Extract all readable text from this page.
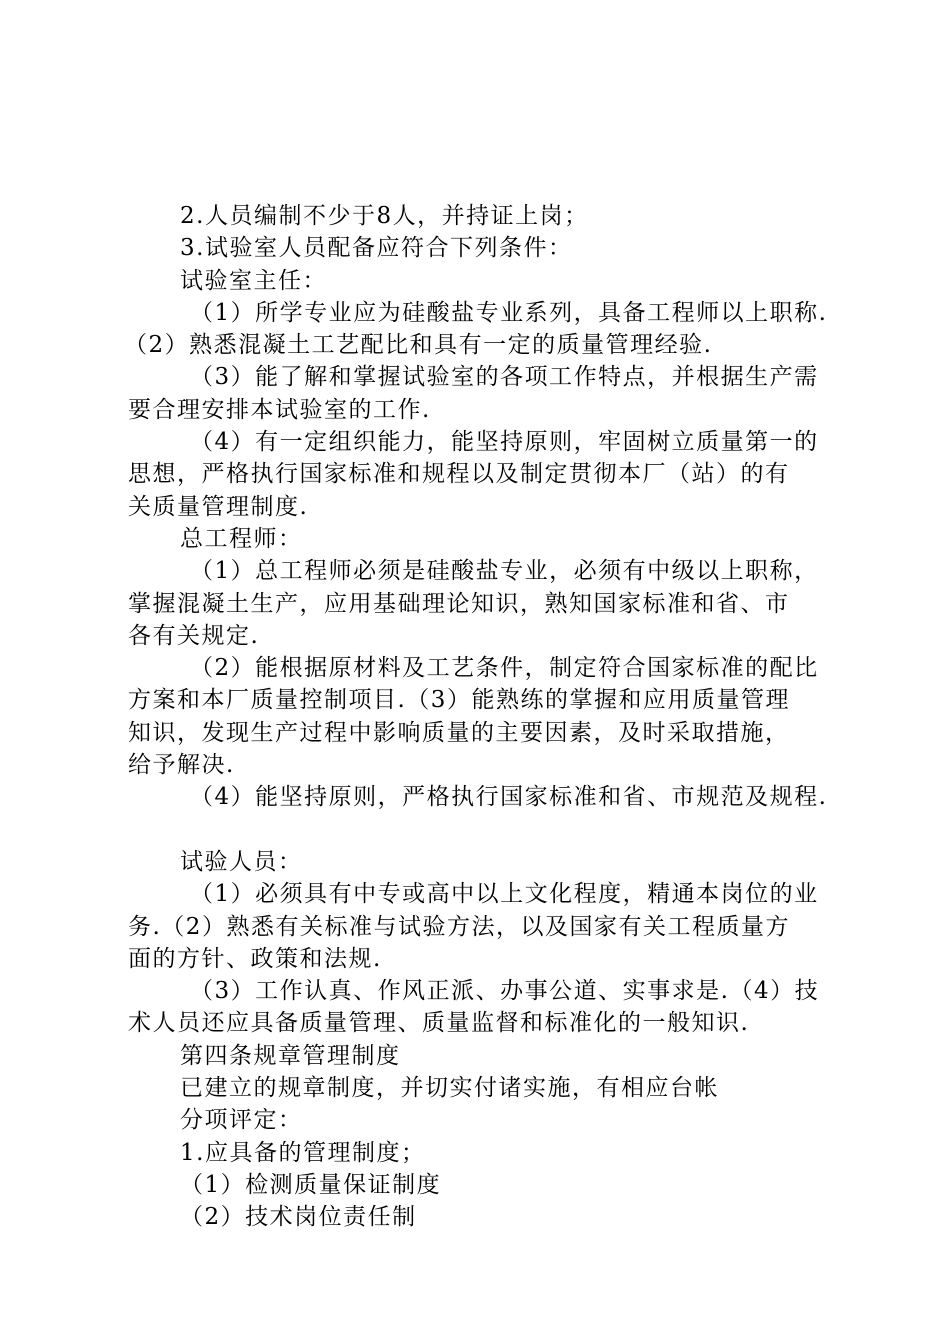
2.人员编制不少于8人，并持证上岗；
3.试验室人员配备应符合下列条件：
试验室主任：
（1）所学专业应为硅酸盐专业系列，具备工程师以上职称.
（2）熟悉混凝土工艺配比和具有一定的质量管理经验.
（3）能了解和掌握试验室的各项工作特点，并根据生产需
要合理安排本试验室的工作.
（4）有一定组织能力，能坚持原则，牢固树立质量第一的
思想，严格执行国家标准和规程以及制定贯彻本厂（站）的有
关质量管理制度.
总工程师：
（1）总工程师必须是硅酸盐专业，必须有中级以上职称，
掌握混凝土生产，应用基础理论知识，熟知国家标准和省、市
各有关规定.
（2）能根据原材料及工艺条件，制定符合国家标准的配比
方案和本厂质量控制项目.（3）能熟练的掌握和应用质量管理
知识，发现生产过程中影响质量的主要因素，及时采取措施，
给予解决.
（4）能坚持原则，严格执行国家标准和省、市规范及规程.
试验人员：
（1）必须具有中专或高中以上文化程度，精通本岗位的业
务.（2）熟悉有关标准与试验方法，以及国家有关工程质量方
面的方针、政策和法规.
（3）工作认真、作风正派、办事公道、实事求是.（4）技
术人员还应具备质量管理、质量监督和标准化的一般知识.
第四条规章管理制度
已建立的规章制度，并切实付诸实施，有相应台帐
分项评定：
1.应具备的管理制度；
（1）检测质量保证制度
（2）技术岗位责任制
